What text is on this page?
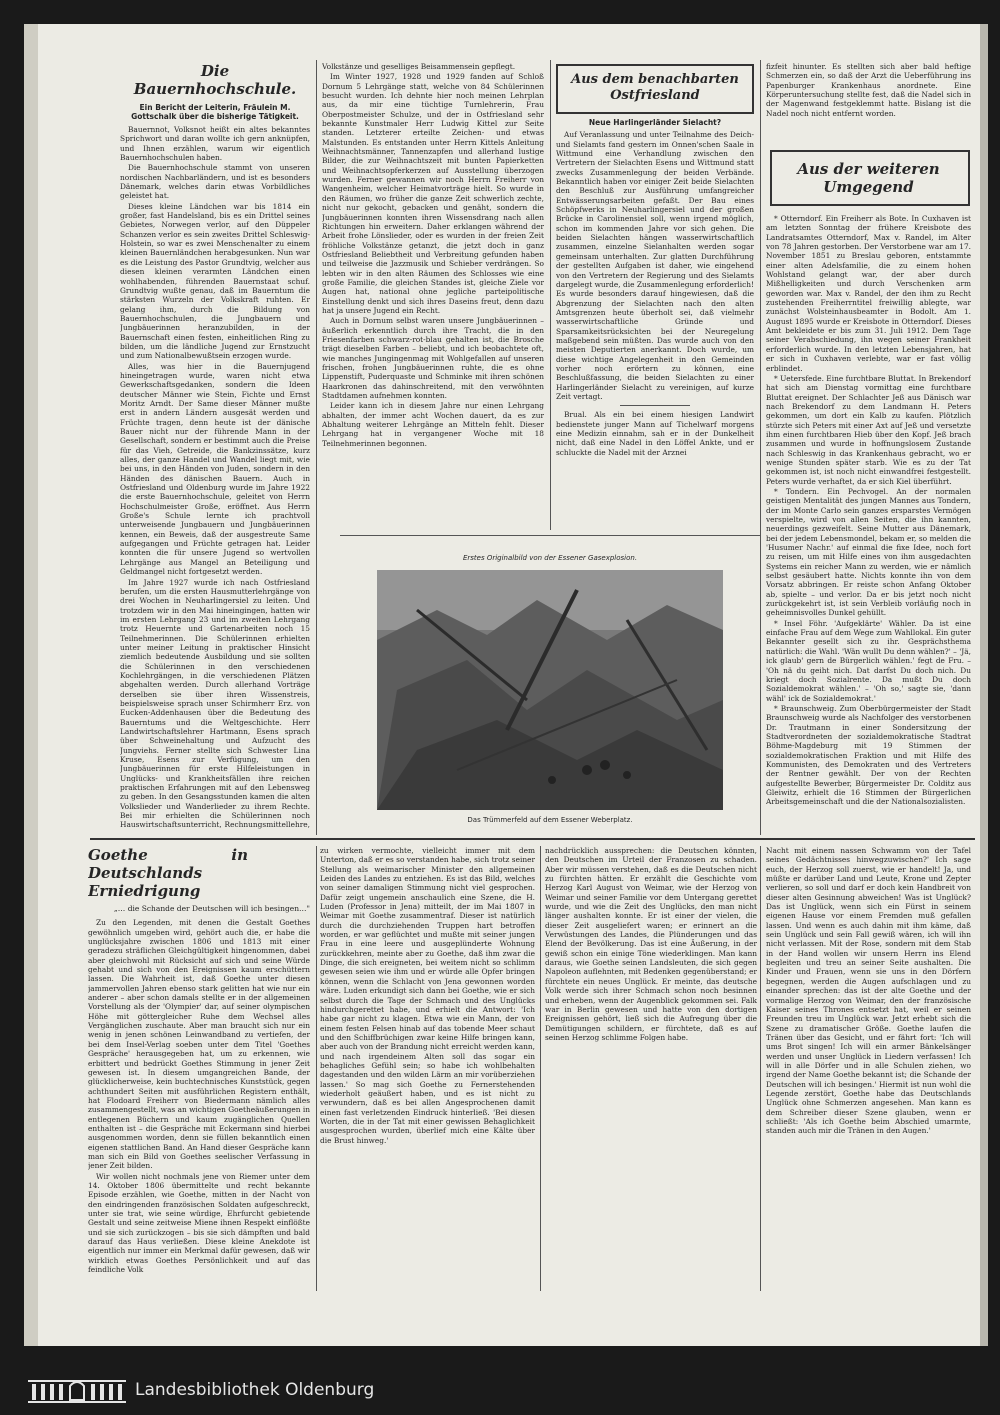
Die Bauernhochschule.
Ein Bericht der Leiterin, Fräulein M. Gottschalk über die bisherige Tätigkeit.

Bauernnot, Volksnot heißt ein altes bekanntes Sprichwort und daran wollte ich gern anknüpfen, und Ihnen erzählen, warum wir eigentlich Bauernhochschulen haben.

Die Bauernhochschule stammt von unseren nordischen Nachbarländern, und ist es besonders Dänemark, welches darin etwas Vorbildliches geleistet hat.

Dieses kleine Ländchen war bis 1814 ein großer, fast Handelsland, bis es ein Drittel seines Gebietes, Norwegen verlor, auf den Düppeler Schanzen verlor es sein zweites Drittel Schleswig-Holstein, so war es zwei Menschenalter zu einem kleinen Bauernländchen herabgesunken. Nun war es die Leistung des Pastor Grundtvig, welcher aus diesen kleinen verarmten Ländchen einen wohlhabenden, führenden Bauernstaat schuf. Grundtvig wußte genau, daß im Bauerntum die stärksten Wurzeln der Volkskraft ruhten. Er gelang ihm, durch die Bildung von Bauernhochschulen, die Jungbauern und Jungbäuerinnen heranzubilden, in der Bauernschaft einen festen, einheitlichen Ring zu bilden, um die ländliche Jugend zur Ernstzucht und zum Nationalbewußtsein erzogen wurde.

Alles, was hier in die Bauernjugend hineingetragen wurde, waren nicht etwa Gewerkschaftsgedanken, sondern die Ideen deutscher Männer wie Stein, Fichte und Ernst Moritz Arndt. Der Same dieser Männer mußte erst in andern Ländern ausgesät werden und Früchte tragen, denn heute ist der dänische Bauer nicht nur der führende Mann in der Gesellschaft, sondern er bestimmt auch die Preise für das Vieh, Getreide, die Bankzinssätze, kurz alles, der ganze Handel und Wandel liegt mit, wie bei uns, in den Händen von Juden, sondern in den Händen des dänischen Bauern. Auch in Ostfriesland und Oldenburg wurde im Jahre 1922 die erste Bauernhochschule, geleitet von Herrn Hochschulmeister Große, eröffnet. Aus Herrn Große's Schule lernte ich prachtvoll unterweisende Jungbauern und Jungbäuerinnen kennen, ein Beweis, daß der ausgestreute Same aufgegangen und Früchte getragen hat. Leider konnten die für unsere Jugend so wertvollen Lehrgänge aus Mangel an Beteiligung und Geldmangel nicht fortgesetzt werden.

Im Jahre 1927 wurde ich nach Ostfriesland berufen, um die ersten Hausmutterlehrgänge von drei Wochen in Neuharlingersiel zu leiten. Und trotzdem wir in den Mai hineingingen, hatten wir im ersten Lehrgang 23 und im zweiten Lehrgang trotz Heuernte und Gartenarbeiten noch 15 Teilnehmerinnen. Die Schülerinnen erhielten unter meiner Leitung in praktischer Hinsicht ziemlich bedeutende Ausbildung und sie sollten die Schülerinnen in den verschiedenen Kochlehrgängen, in die verschiedenen Plätzen abgehalten werden. Durch allerhand Vorträge derselben sie über ihren Wissenstreis, beispielsweise sprach unser Schirmherr Erz. von Eucken-Addenhausen über die Bedeutung des Bauerntums und die Weltgeschichte. Herr Landwirtschaftslehrer Hartmann, Esens sprach über Schweinehaltung und Aufzucht des Jungviehs. Ferner stellte sich Schwester Lina Kruse, Esens zur Verfügung, um den Jungbäuerinnen für erste Hilfeleistungen in Unglücks- und Krankheitsfällen ihre reichen praktischen Erfahrungen mit auf den Lebensweg zu geben. In den Gesangsstunden kamen die alten Volkslieder und Wanderlieder zu ihrem Rechte. Bei mir erhielten die Schülerinnen noch Hauswirtschaftsunterricht, Rechnungsmittellehre,

Volkstänze und geselliges Beisammensein gepflegt.

Im Winter 1927, 1928 und 1929 fanden auf Schloß Dornum 5 Lehrgänge statt, welche von 84 Schülerinnen besucht wurden. Ich dehnte hier noch meinen Lehrplan aus, da mir eine tüchtige Turnlehrerin, Frau Oberpostmeister Schulze, und der in Ostfriesland sehr bekannte Kunstmaler Herr Ludwig Kittel zur Seite standen. Letzterer erteilte Zeichen- und etwas Malstunden. Es entstanden unter Herrn Kittels Anleitung Weihnachtsmänner, Tannenzapfen und allerhand lustige Bilder, die zur Weihnachtszeit mit bunten Papierketten und Weihnachtsopferkerzen auf Ausstellung überzogen wurden. Ferner gewannen wir noch Herrn Freiherr von Wangenheim, welcher Heimatvorträge hielt. So wurde in den Räumen, wo früher die ganze Zeit schwerlich zechte, nicht nur gekocht, gebacken und genäht, sondern die Jungbäuerinnen konnten ihren Wissensdrang nach allen Richtungen hin erweitern. Daher erklangen während der Arbeit frohe Lönslieder, oder es wurden in der freien Zeit fröhliche Volkstänze getanzt, die jetzt doch in ganz Ostfriesland Beliebtheit und Verbreitung gefunden haben und teilweise die Jazzmusik und Schieber verdrängen. So lebten wir in den alten Räumen des Schlosses wie eine große Familie, die gleichen Standes ist, gleiche Ziele vor Augen hat, national ohne jegliche parteipolitische Einstellung denkt und sich ihres Daseins freut, denn dazu hat ja unsere Jugend ein Recht.

Auch in Dornum selbst waren unsere Jungbäuerinnen – äußerlich erkenntlich durch ihre Tracht, die in den Friesenfarben schwarz-rot-blau gehalten ist, die Brosche trägt dieselben Farben – beliebt, und ich beobachtete oft, wie manches Jungingenmag mit Wohlgefallen auf unseren frischen, frohen Jungbäuerinnen ruhte, die es ohne Lippenstift, Puderquaste und Schminke mit ihren schönen Haarkronen das dahinschreitend, mit den verwöhnten Stadtdamen aufnehmen konnten.

Leider kann ich in diesem Jahre nur einen Lehrgang abhalten, der immer acht Wochen dauert, da es zur Abhaltung weiterer Lehrgänge an Mitteln fehlt. Dieser Lehrgang hat in vergangener Woche mit 18 Teilnehmerinnen begonnen.

Aus dem benachbarten Ostfriesland
Neue Harlingerländer Sielacht?

Auf Veranlassung und unter Teilnahme des Deich- und Sielamts fand gestern im Onnen'schen Saale in Wittmund eine Verhandlung zwischen den Vertretern der Sielachten Esens und Wittmund statt zwecks Zusammenlegung der beiden Verbände. Bekanntlich haben vor einiger Zeit beide Sielachten den Beschluß zur Ausführung umfangreicher Entwässerungsarbeiten gefaßt. Der Bau eines Schöpfwerks in Neuharlingersiel und der großen Brücke in Carolinensiel soll, wenn irgend möglich, schon im kommenden Jahre vor sich gehen. Die beiden Sielachten hängen wasserwirtschaftlich zusammen, einzelne Sielanhalten werden sogar gemeinsam unterhalten. Zur glatten Durchführung der gestellten Aufgaben ist daher, wie eingehend von den Vertretern der Regierung und des Sielamts dargelegt wurde, die Zusammenlegung erforderlich! Es wurde besonders darauf hingewiesen, daß die Abgrenzung der Sielachten nach den alten Amtsgrenzen heute überholt sei, daß vielmehr wasserwirtschaftliche Gründe und Sparsamkeitsrücksichten bei der Neuregelung maßgebend sein müßten. Das wurde auch von den meisten Deputierten anerkannt. Doch wurde, um diese wichtige Angelegenheit in den Gemeinden vorher noch erörtern zu können, eine Beschlußfassung, die beiden Sielachten zu einer Harlingerländer Sielacht zu vereinigen, auf kurze Zeit vertagt.

Brual. Als ein bei einem hiesigen Landwirt bedienstete junger Mann auf Tichelwarf morgens eine Medizin einnahm, sah er in der Dunkelheit nicht, daß eine Nadel in den Löffel Ankte, und er schluckte die Nadel mit der Arznei

fizfeit hinunter. Es stellten sich aber bald heftige Schmerzen ein, so daß der Arzt die Ueberführung ins Papenburger Krankenhaus anordnete. Eine Körperuntersuchung stellte fest, daß die Nadel sich in der Magenwand festgeklemmt hatte. Bislang ist die Nadel noch nicht entfernt worden.

Aus der weiteren Umgegend

* Otterndorf. Ein Freiherr als Bote. In Cuxhaven ist am letzten Sonntag der frühere Kreisbote des Landratsamtes Otterndorf, Max v. Randel, im Alter von 78 Jahren gestorben. Der Verstorbene war am 17. November 1851 zu Breslau geboren, entstammte einer alten Adelsfamilie, die zu einem hohen Wohlstand gelangt war, der aber durch Mißhelligkeiten und durch Verschenken arm geworden war. Max v. Randel, der den ihm zu Recht zustehenden Freiherrntitel freiwillig ablegte, war zunächst Wolsteinhausbeamter in Bodolt. Am 1. August 1895 wurde er Kreisbote in Otterndorf. Dieses Amt bekleidete er bis zum 31. Juli 1912. Dem Tage seiner Verabschiedung, ihn wegen seiner Frankheit erforderlich wurde. In den letzten Lebensjahren, hat er sich in Cuxhaven verlebte, war er fast völlig erblindet.

* Uetersfede. Eine furchtbare Bluttat. In Brekendorf hat sich am Dienstag vormittag eine furchtbare Bluttat ereignet. Der Schlachter Jeß aus Dänisch war nach Brekendorf zu dem Landmann H. Peters gekommen, um dort ein Kalb zu kaufen. Plötzlich stürzte sich Peters mit einer Axt auf Jeß und versetzte ihm einen furchtbaren Hieb über den Kopf. Jeß brach zusammen und wurde in hoffnungslosem Zustande nach Schleswig in das Krankenhaus gebracht, wo er wenige Stunden später starb. Wie es zu der Tat gekommen ist, ist noch nicht einwandfrei festgestellt. Peters wurde verhaftet, da er sich Kiel überführt.

* Tondern. Ein Pechvogel. An der normalen geistigen Mentalität des jungen Mannes aus Tondern, der im Monte Carlo sein ganzes ersparstes Vermögen verspielte, wird von allen Seiten, die ihn kannten, neuerdings gezweifelt. Seine Mutter aus Dänemark, bei der jedem Lebensmondel, bekam er, so melden die 'Husumer Nachr.' auf einmal die fixe Idee, noch fort zu reisen, um mit Hilfe eines von ihm ausgedachten Systems ein reicher Mann zu werden, wie er nämlich selbst gesäubert hatte. Nichts konnte ihn von dem Vorsatz abbringen. Er reiste schon Anfang Oktober ab, spielte – und verlor. Da er bis jetzt noch nicht zurückgekehrt ist, ist sein Verbleib vorläufig noch in geheimnisvolles Dunkel gehüllt.

* Insel Föhr. 'Aufgeklärte' Wähler. Da ist eine einfache Frau auf dem Wege zum Wahllokal. Ein guter Bekannter gesellt sich zu ihr. Gesprächsthema natürlich: die Wahl. 'Wän wullt Du denn wählen?' – 'Jä, ick glaub' gern de Bürgerlich wählen.' fegt de Fru. – 'Oh nä du geiht nich. Dat darfst Du doch nich. Du kriegt doch Sozialrente. Da mußt Du doch Sozialdemokrat wählen.' – 'Oh so,' sagte sie, 'dann wähl' ick de Sozialdemokrat.'

* Braunschweig. Zum Oberbürgermeister der Stadt Braunschweig wurde als Nachfolger des verstorbenen Dr. Trautmann in einer Sondersitzung der Stadtverordneten der sozialdemokratische Stadtrat Böhme-Magdeburg mit 19 Stimmen der sozialdemokratischen Fraktion und mit Hilfe des Kommunisten, des Demokraten und des Vertreters der Rentner gewählt. Der von der Rechten aufgestellte Bewerber, Bürgermeister Dr. Colditz aus Gleiwitz, erhielt die 16 Stimmen der Bürgerlichen Arbeitsgemeinschaft und die der Nationalsozialisten.

Erstes Originalbild von der Essener Gasexplosion.
Das Trümmerfeld auf dem Essener Weberplatz.
Goethe in Deutschlands Erniedrigung
„… die Schande der Deutschen will ich besingen…"

Zu den Legenden, mit denen die Gestalt Goethes gewöhnlich umgeben wird, gehört auch die, er habe die unglücksjahre zwischen 1806 und 1813 mit einer geradezu sträflichen Gleichgültigkeit hingenommen, dabei aber gleichwohl mit Rücksicht auf sich und seine Würde gehabt und sich von den Ereignissen kaum erschüttern lassen. Die Wahrheit ist, daß Goethe unter diesen jammervollen Jahren ebenso stark gelitten hat wie nur ein anderer – aber schon damals stellte er in der allgemeinen Vorstellung als der 'Olympier' dar, auf seiner olympischen Höhe mit göttergleicher Ruhe dem Wechsel alles Vergänglichen zuschaute. Aber man braucht sich nur ein wenig in jenen schönen Leinwandband zu vertiefen, der bei dem Insel-Verlag soeben unter dem Titel 'Goethes Gespräche' herausgegeben hat, um zu erkennen, wie erbittert und bedrückt Goethes Stimmung in jener Zeit gewesen ist. In diesem umgangreichen Bande, der glücklicherweise, kein buchtechnisches Kunststück, gegen achthundert Seiten mit ausführlichen Registern enthält, hat Flodoard Freiherr von Biedermann nämlich alles zusammengestellt, was an wichtigen Goetheäußerungen in entlegenen Büchern und kaum zugänglichen Quellen enthalten ist – die Gespräche mit Eckermann sind hierbei ausgenommen worden, denn sie füllen bekanntlich einen eigenen stattlichen Band. An Hand dieser Gespräche kann man sich ein Bild von Goethes seelischer Verfassung in jener Zeit bilden.

Wir wollen nicht nochmals jene von Riemer unter dem 14. Oktober 1806 übermittelte und recht bekannte Episode erzählen, wie Goethe, mitten in der Nacht von den eindringenden französischen Soldaten aufgeschreckt, unter sie trat, wie seine würdige, Ehrfurcht gebietende Gestalt und seine zeitweise Miene ihnen Respekt einflößte und sie sich zurückzogen – bis sie sich dämpften und bald darauf das Haus verließen. Diese kleine Anekdote ist eigentlich nur immer ein Merkmal dafür gewesen, daß wir wirklich etwas Goethes Persönlichkeit und auf das feindliche Volk

zu wirken vermochte, vielleicht immer mit dem Unterton, daß er es so verstanden habe, sich trotz seiner Stellung als weimarischer Minister den allgemeinen Leiden des Landes zu entziehen. Es ist das Bild, welches von seiner damaligen Stimmung nicht viel gesprochen. Dafür zeigt ungemein anschaulich eine Szene, die H. Luden (Professor in Jena) mitteilt, der im Mai 1807 in Weimar mit Goethe zusammentraf. Dieser ist natürlich durch die durchziehenden Truppen hart betroffen worden, er war geflüchtet und mußte mit seiner jungen Frau in eine leere und ausgeplünderte Wohnung zurückkehren, meinte aber zu Goethe, daß ihm zwar die Dinge, die sich ereigneten, bei weitem nicht so schlimm gewesen seien wie ihm und er würde alle Opfer bringen können, wenn die Schlacht von Jena gewonnen worden wäre. Luden erkundigt sich dann bei Goethe, wie er sich selbst durch die Tage der Schmach und des Unglücks hindurchgerettet habe, und erhielt die Antwort: 'Ich habe gar nicht zu klagen. Etwa wie ein Mann, der von einem festen Felsen hinab auf das tobende Meer schaut und den Schiffbrüchigen zwar keine Hilfe bringen kann, aber auch von der Brandung nicht erreicht werden kann, und nach irgendeinem Alten soll das sogar ein behagliches Gefühl sein; so habe ich wohlbehalten dagestanden und den wilden Lärm an mir vorüberziehen lassen.' So mag sich Goethe zu Fernerstehenden wiederholt geäußert haben, und es ist nicht zu verwundern, daß es bei allen Angesprochenen damit einen fast verletzenden Eindruck hinterließ. 'Bei diesen Worten, die in der Tat mit einer gewissen Behaglichkeit ausgesprochen wurden, überlief mich eine Kälte über die Brust hinweg.'

nachdrücklich aussprechen: die Deutschen könnten, den Deutschen im Urteil der Franzosen zu schaden. Aber wir müssen verstehen, daß es die Deutschen nicht zu fürchten hätten. Er erzählt die Geschichte vom Herzog Karl August von Weimar, wie der Herzog von Weimar und seiner Familie vor dem Untergang gerettet wurde, und wie die Zeit des Unglücks, den man nicht länger aushalten konnte. Er ist einer der vielen, die dieser Zeit ausgeliefert waren; er erinnert an die Verwüstungen des Landes, die Plünderungen und das Elend der Bevölkerung. Das ist eine Äußerung, in der gewiß schon ein einige Töne wiederklingen. Man kann daraus, wie Goethe seinen Landsleuten, die sich gegen Napoleon auflehnten, mit Bedenken gegenüberstand; er fürchtete ein neues Unglück. Er meinte, das deutsche Volk werde sich ihrer Schmach schon noch besinnen und erheben, wenn der Augenblick gekommen sei. Falk war in Berlin gewesen und hatte von den dortigen Ereignissen gehört, ließ sich die Aufregung über die Demütigungen schildern, er fürchtete, daß es auf seinen Herzog schlimme Folgen habe.

Nacht mit einem nassen Schwamm von der Tafel seines Gedächtnisses hinwegzuwischen?' Ich sage euch, der Herzog soll zuerst, wie er handelt! Ja, und müßte er darüber Land und Leute, Krone und Zepter verlieren, so soll und darf er doch kein Handbreit von dieser alten Gesinnung abweichen! Was ist Unglück? Das ist Unglück, wenn sich ein Fürst in seinem eigenen Hause vor einem Fremden muß gefallen lassen. Und wenn es auch dahin mit ihm käme, daß sein Unglück und sein Fall gewiß wären, ich will ihn nicht verlassen. Mit der Rose, sondern mit dem Stab in der Hand wollen wir unsern Herrn ins Elend begleiten und treu an seiner Seite aushalten. Die Kinder und Frauen, wenn sie uns in den Dörfern begegnen, werden die Augen aufschlagen und zu einander sprechen: das ist der alte Goethe und der vormalige Herzog von Weimar, den der französische Kaiser seines Thrones entsetzt hat, weil er seinen Freunden treu im Unglück war. Jetzt erhebt sich die Szene zu dramatischer Größe. Goethe laufen die Tränen über das Gesicht, und er fährt fort: 'Ich will ums Brot singen! Ich will ein armer Bänkelsänger werden und unser Unglück in Liedern verfassen! Ich will in alle Dörfer und in alle Schulen ziehen, wo irgend der Name Goethe bekannt ist; die Schande der Deutschen will ich besingen.' Hiermit ist nun wohl die Legende zerstört, Goethe habe das Deutschlands Unglück ohne Schmerzen angesehen. Man kann es dem Schreiber dieser Szene glauben, wenn er schließt: 'Als ich Goethe beim Abschied umarmte, standen auch mir die Tränen in den Augen.'

Landesbibliothek Oldenburg
